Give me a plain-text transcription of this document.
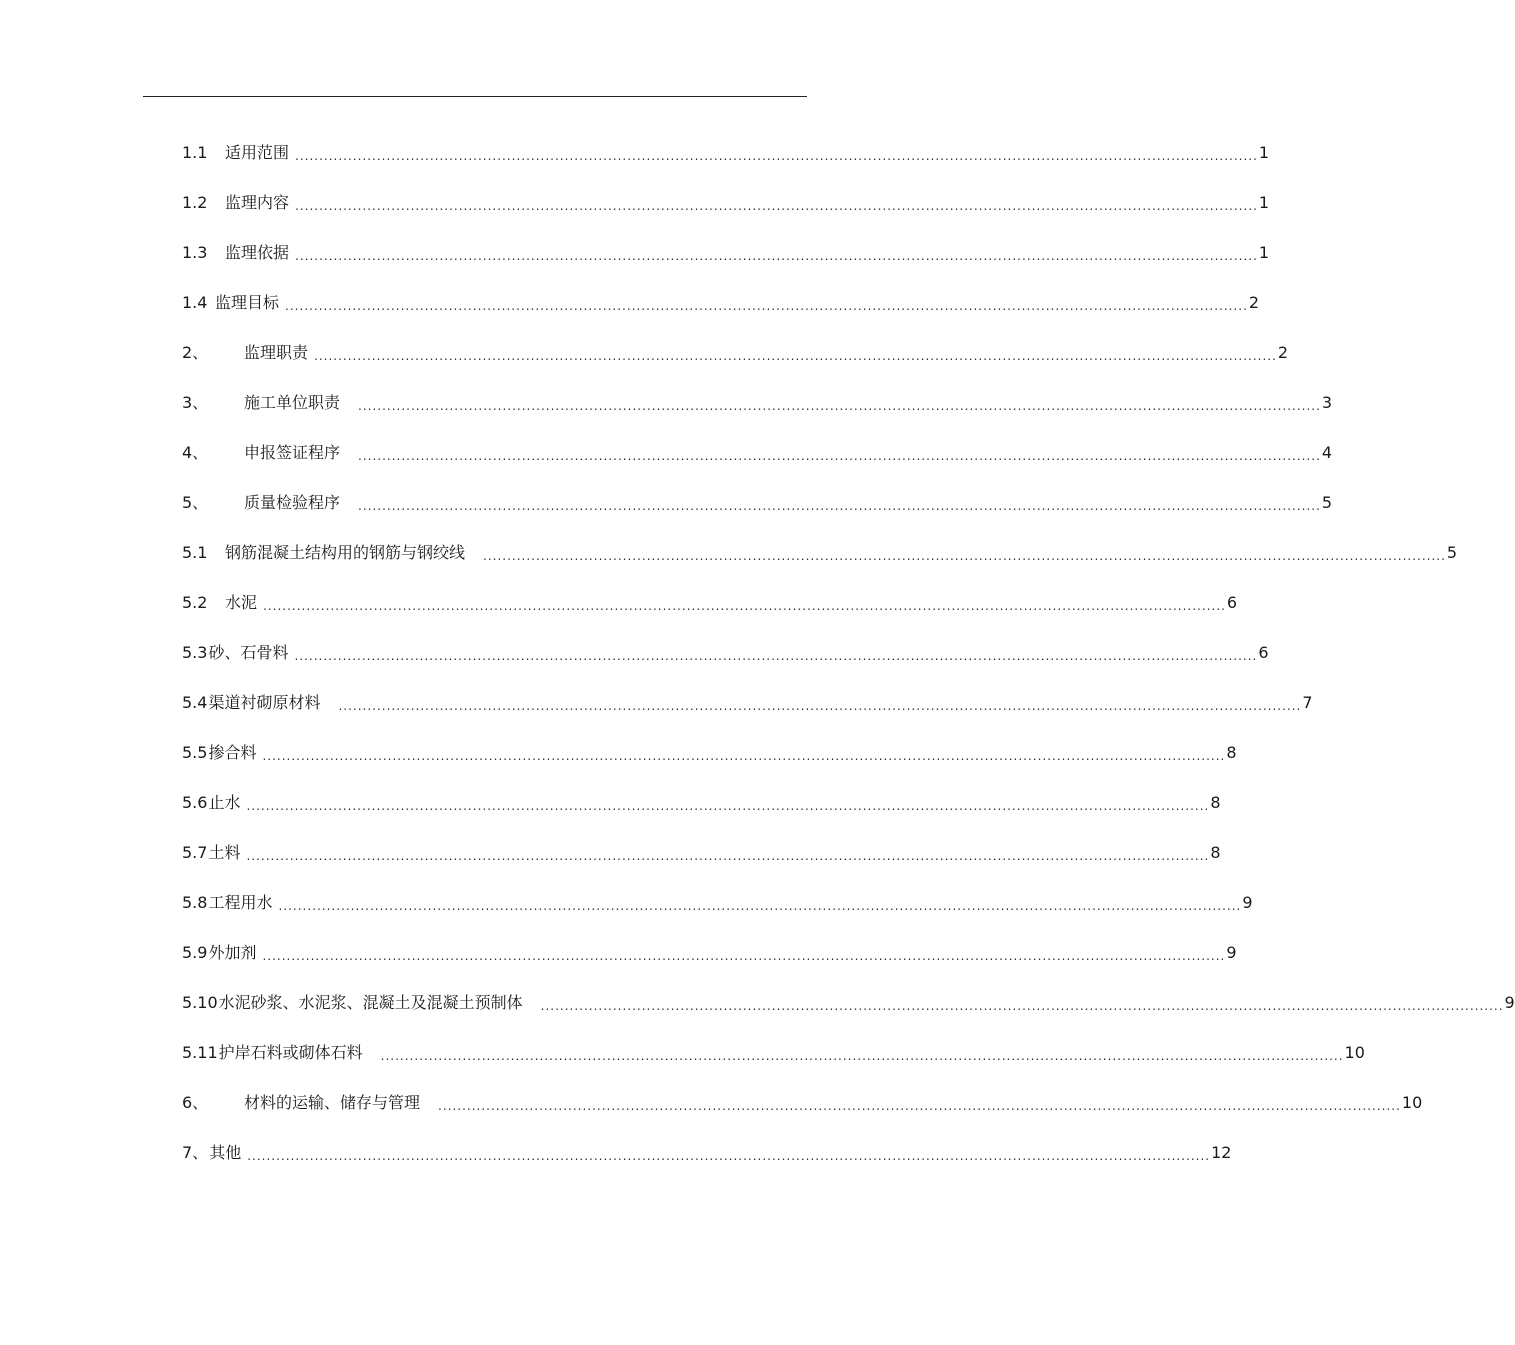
1.1	适用范围 ........................................................................................................................................................................................................ 1
1.2	监理内容 ........................................................................................................................................................................................................ 1
1.3	监理依据 ........................................................................................................................................................................................................ 1
1.4 监理目标 ........................................................................................................................................................................................................ 2
2、	监理职责 ........................................................................................................................................................................................................ 2
3、	施工单位职责	........................................................................................................................................................................................................ 3
4、	申报签证程序	........................................................................................................................................................................................................ 4
5、	质量检验程序	........................................................................................................................................................................................................ 5
5.1	钢筋混凝土结构用的钢筋与钢绞线	........................................................................................................................................................................................................ 5
5.2	水泥 ........................................................................................................................................................................................................ 6
5.3 砂、石骨料 ........................................................................................................................................................................................................ 6
5.4 渠道衬砌原材料	........................................................................................................................................................................................................ 7
5.5 掺合料 ........................................................................................................................................................................................................ 8
5.6 止水 ........................................................................................................................................................................................................ 8
5.7 土料 ........................................................................................................................................................................................................ 8
5.8 工程用水 ........................................................................................................................................................................................................ 9
5.9 外加剂 ........................................................................................................................................................................................................ 9
5.10 水泥砂浆、水泥浆、混凝土及混凝土预制体	........................................................................................................................................................................................................ 9
5.11 护岸石料或砌体石料	........................................................................................................................................................................................................ 10
6、	材料的运输、储存与管理	........................................................................................................................................................................................................ 10
7、 其他 ........................................................................................................................................................................................................ 12
